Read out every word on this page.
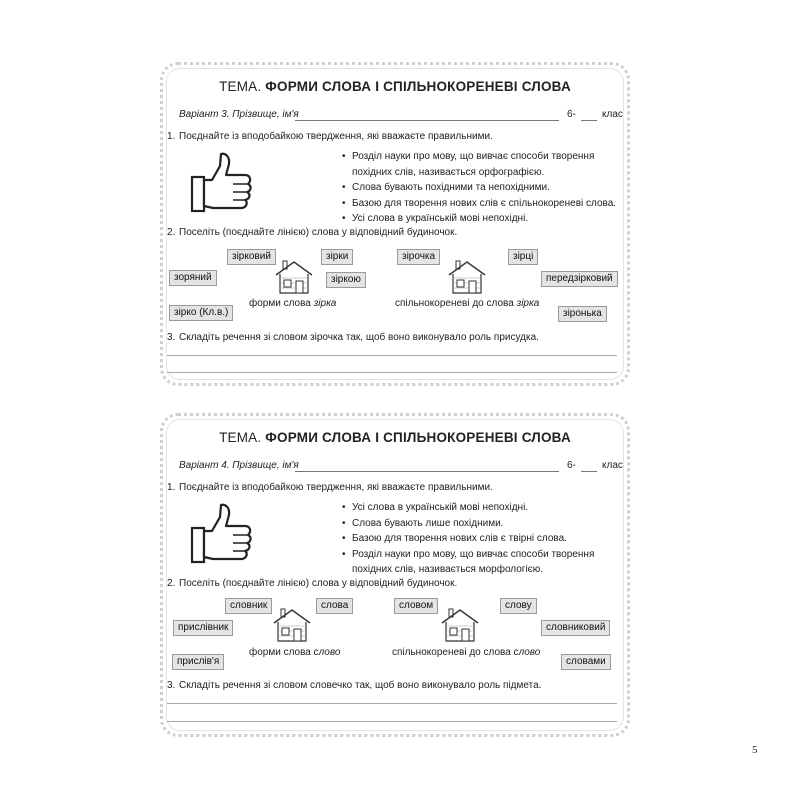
ТЕМА. ФОРМИ СЛОВА І СПІЛЬНОКОРЕНЕВІ СЛОВА
Варіант 3. Прізвище, ім'я	6-	клас
1. Поєднайте із вподобайкою твердження, які вважаєте правильними.
• Розділ науки про мову, що вивчає способи творення похідних слів, називається орфографією.
• Слова бувають похідними та непохідними.
• Базою для творення нових слів є спільнокореневі слова.
• Усі слова в українській мові непохідні.
2. Поселіть (поєднайте лінією) слова у відповідний будиночок.
зірковий	зірки	зірочка	зірці
зоряний	зіркою	передзірковий
зірко (Кл.в.)	зіронька
форми слова зірка	спільнокореневі до слова зірка
3. Складіть речення зі словом зірочка так, щоб воно виконувало роль присудка.
ТЕМА. ФОРМИ СЛОВА І СПІЛЬНОКОРЕНЕВІ СЛОВА
Варіант 4. Прізвище, ім'я	6-	клас
1. Поєднайте із вподобайкою твердження, які вважаєте правильними.
• Усі слова в українській мові непохідні.
• Слова бувають лише похідними.
• Базою для творення нових слів є твірні слова.
• Розділ науки про мову, що вивчає способи творення похідних слів, називається морфологією.
2. Поселіть (поєднайте лінією) слова у відповідний будиночок.
словник	слова	словом	слову
прислівник	словниковий
прислів'я	словами
форми слова слово	спільнокореневі до слова слово
3. Складіть речення зі словом словечко так, щоб воно виконувало роль підмета.
5
